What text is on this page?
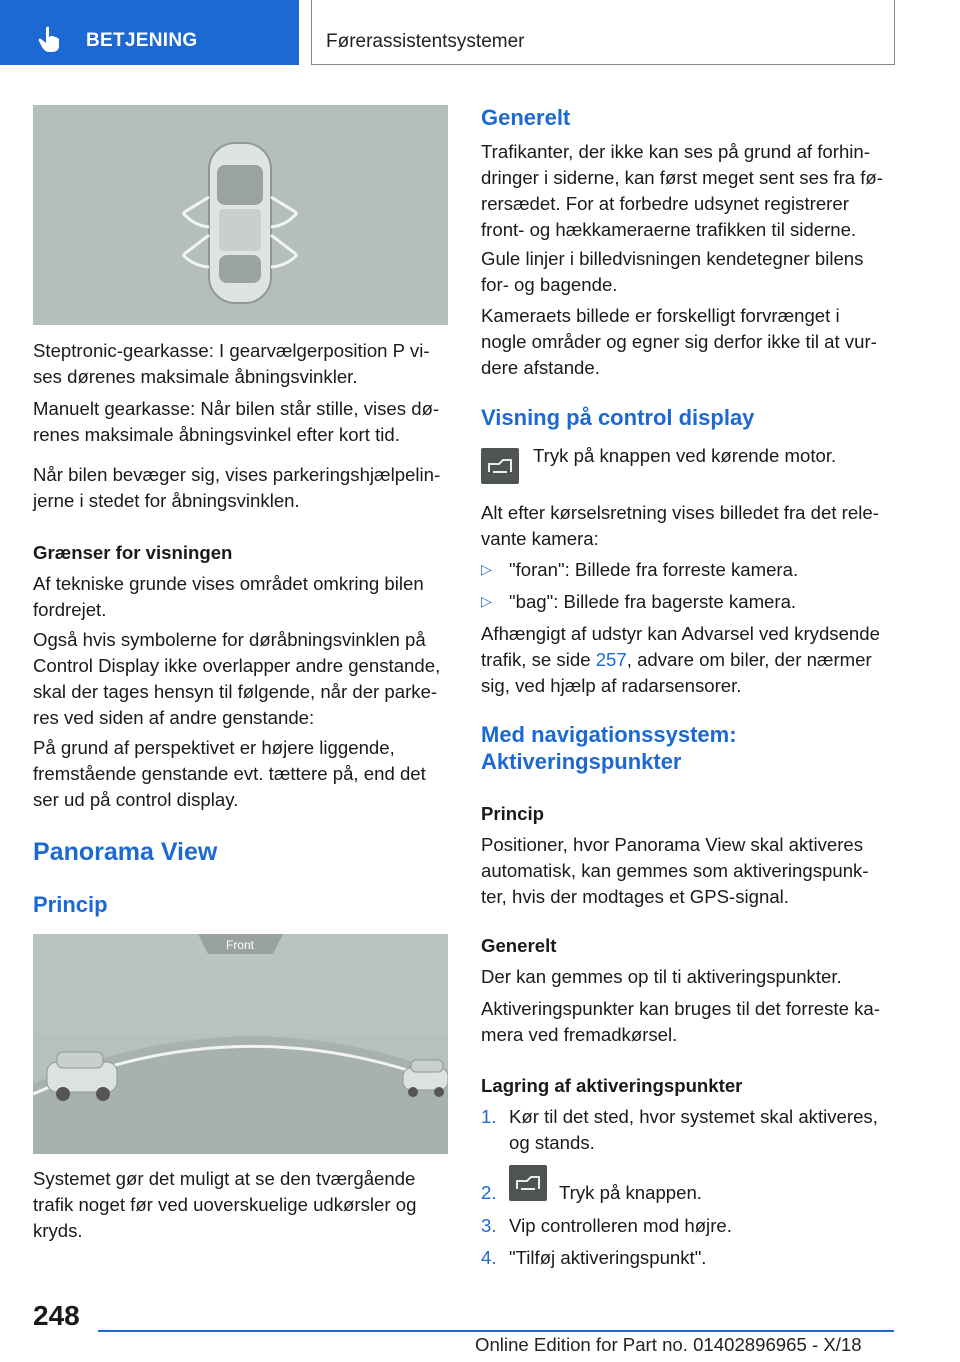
BETJENING	Førerassistentsystemer

Steptronic-gearkasse: I gearvælgerposition P vi-

ses dørenes maksimale åbningsvinkler.

Manuelt gearkasse: Når bilen står stille, vises dø-

renes maksimale åbningsvinkel efter kort tid.

Når bilen bevæger sig, vises parkeringshjælpelin-

jerne i stedet for åbningsvinklen.

Grænser for visningen

Af tekniske grunde vises området omkring bilen

fordrejet.

Også hvis symbolerne for døråbningsvinklen på

Control Display ikke overlapper andre genstande,

skal der tages hensyn til følgende, når der parke-

res ved siden af andre genstande:

På grund af perspektivet er højere liggende,

fremstående genstande evt. tættere på, end det

ser ud på control display.

Panorama View
Princip
Front

Systemet gør det muligt at se den tværgående

trafik noget før ved uoverskuelige udkørsler og

kryds.

Generelt

Trafikanter, der ikke kan ses på grund af forhin-

dringer i siderne, kan først meget sent ses fra fø-

rersædet. For at forbedre udsynet registrerer

front- og hækkameraerne trafikken til siderne.

Gule linjer i billedvisningen kendetegner bilens

for- og bagende.

Kameraets billede er forskelligt forvrænget i

nogle områder og egner sig derfor ikke til at vur-

dere afstande.

Visning på control display

Tryk på knappen ved kørende motor.

Alt efter kørselsretning vises billedet fra det rele-

vante kamera:

▷ "foran": Billede fra forreste kamera.

▷ "bag": Billede fra bagerste kamera.

Afhængigt af udstyr kan Advarsel ved krydsende

trafik, se side 257, advare om biler, der nærmer

sig, ved hjælp af radarsensorer.

Med navigationssystem:
Aktiveringspunkter
Princip

Positioner, hvor Panorama View skal aktiveres

automatisk, kan gemmes som aktiveringspunk-

ter, hvis der modtages et GPS-signal.

Generelt

Der kan gemmes op til ti aktiveringspunkter.

Aktiveringspunkter kan bruges til det forreste ka-

mera ved fremadkørsel.

Lagring af aktiveringspunkter
1. Kør til det sted, hvor systemet skal aktiveres,

og stands.

2.	Tryk på knappen.

3. Vip controlleren mod højre.

4. "Tilføj aktiveringspunkt".

248
Online Edition for Part no. 01402896965 - X/18
